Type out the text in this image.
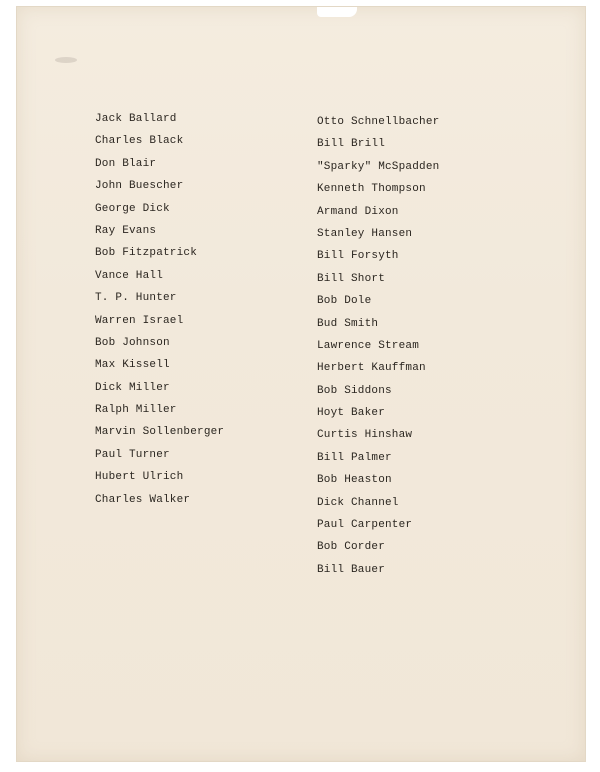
Jack Ballard
Charles Black
Don Blair
John Buescher
George Dick
Ray Evans
Bob Fitzpatrick
Vance Hall
T. P. Hunter
Warren Israel
Bob Johnson
Max Kissell
Dick Miller
Ralph Miller
Marvin Sollenberger
Paul Turner
Hubert Ulrich
Charles Walker
Otto Schnellbacher
Bill Brill
"Sparky" McSpadden
Kenneth Thompson
Armand Dixon
Stanley Hansen
Bill Forsyth
Bill Short
Bob Dole
Bud Smith
Lawrence Stream
Herbert Kauffman
Bob Siddons
Hoyt Baker
Curtis Hinshaw
Bill Palmer
Bob Heaston
Dick Channel
Paul Carpenter
Bob Corder
Bill Bauer
